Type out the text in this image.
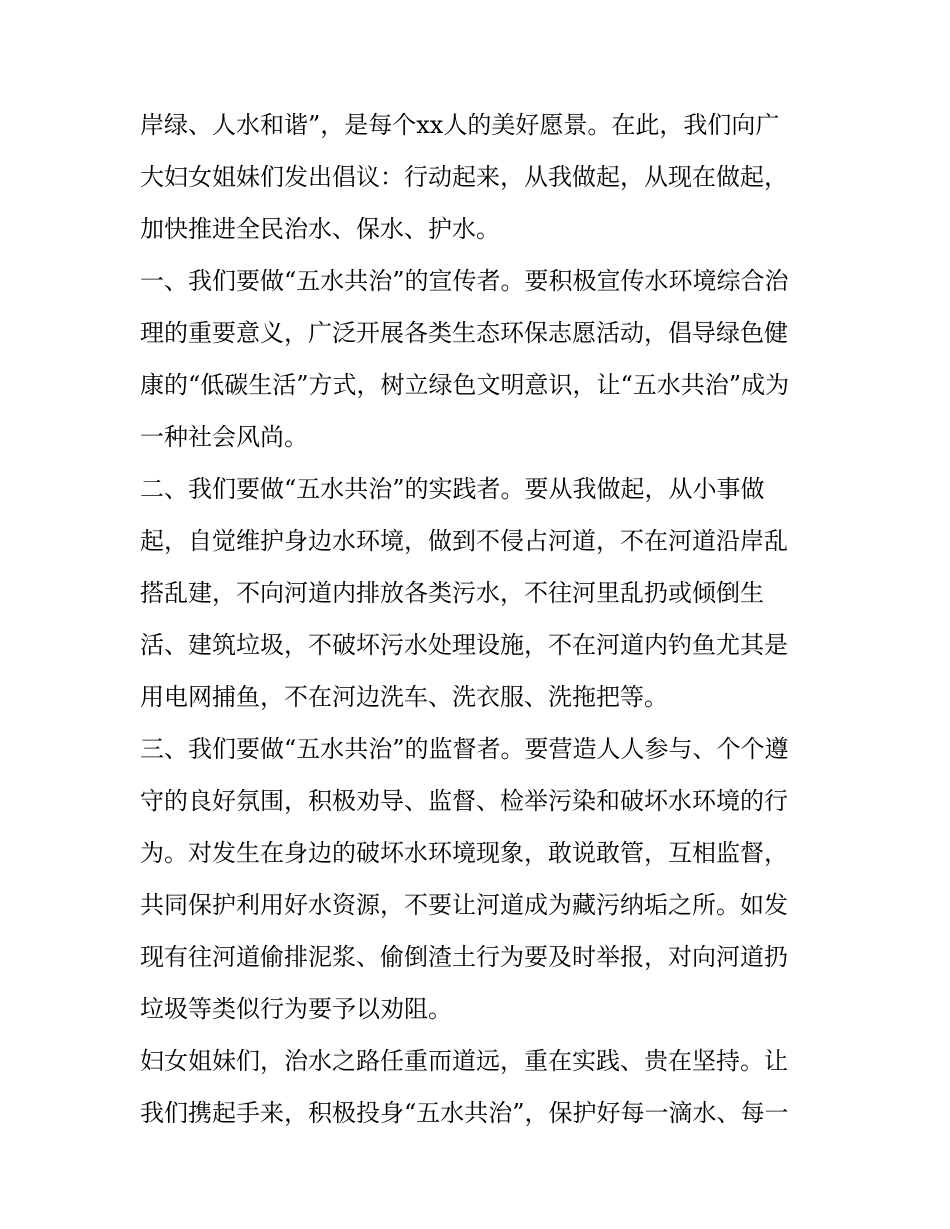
岸绿、人水和谐”，是每个xx人的美好愿景。在此，我们向广
大妇女姐妹们发出倡议：行动起来，从我做起，从现在做起，
加快推进全民治水、保水、护水。
一、我们要做“五水共治”的宣传者。要积极宣传水环境综合治
理的重要意义，广泛开展各类生态环保志愿活动，倡导绿色健
康的“低碳生活”方式，树立绿色文明意识，让“五水共治”成为
一种社会风尚。
二、我们要做“五水共治”的实践者。要从我做起，从小事做
起，自觉维护身边水环境，做到不侵占河道，不在河道沿岸乱
搭乱建，不向河道内排放各类污水，不往河里乱扔或倾倒生
活、建筑垃圾，不破坏污水处理设施，不在河道内钓鱼尤其是
用电网捕鱼，不在河边洗车、洗衣服、洗拖把等。
三、我们要做“五水共治”的监督者。要营造人人参与、个个遵
守的良好氛围，积极劝导、监督、检举污染和破坏水环境的行
为。对发生在身边的破坏水环境现象，敢说敢管，互相监督，
共同保护利用好水资源，不要让河道成为藏污纳垢之所。如发
现有往河道偷排泥浆、偷倒渣土行为要及时举报，对向河道扔
垃圾等类似行为要予以劝阻。
妇女姐妹们，治水之路任重而道远，重在实践、贵在坚持。让
我们携起手来，积极投身“五水共治”，保护好每一滴水、每一
